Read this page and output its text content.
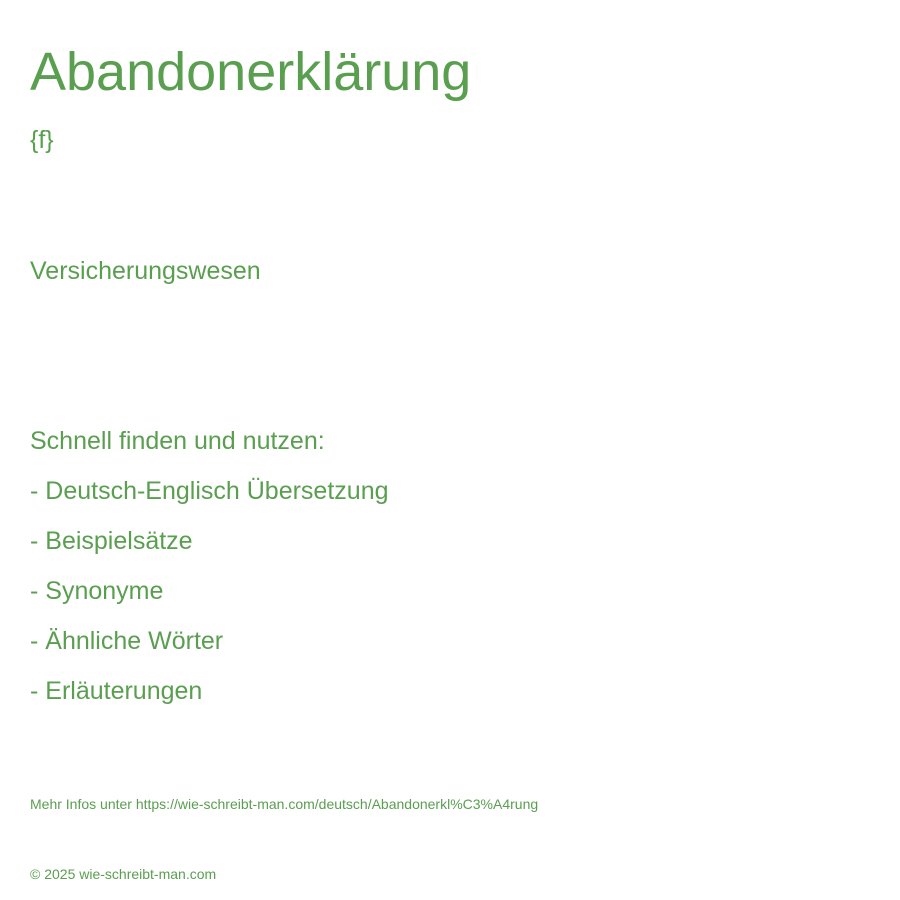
Abandonerklärung
{f}
Versicherungswesen
Schnell finden und nutzen:
- Deutsch-Englisch Übersetzung
- Beispielsätze
- Synonyme
- Ähnliche Wörter
- Erläuterungen
Mehr Infos unter https://wie-schreibt-man.com/deutsch/Abandonerkl%C3%A4rung
© 2025 wie-schreibt-man.com
